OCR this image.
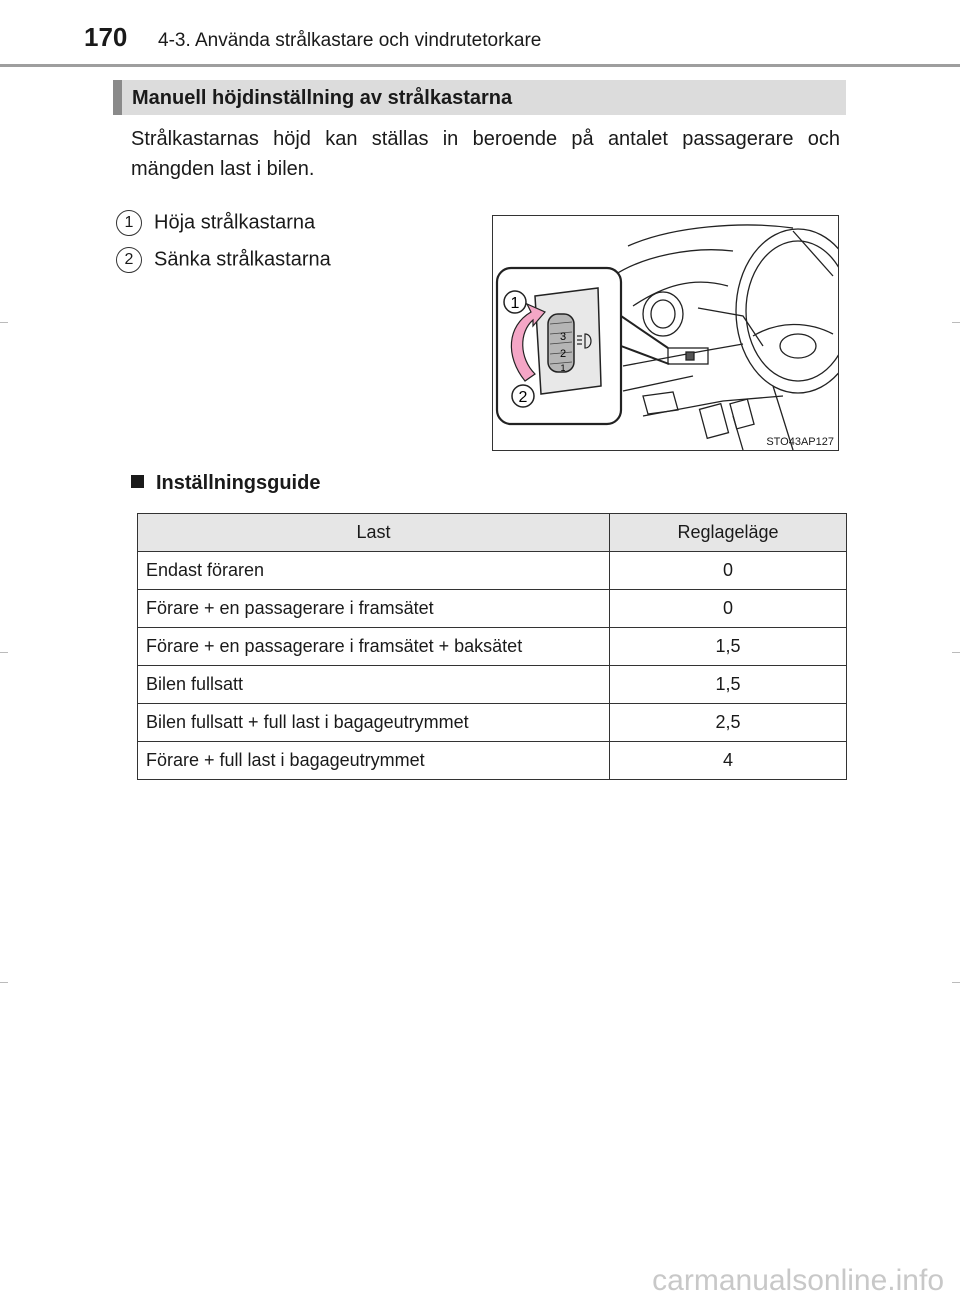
170 4-3. Använda strålkastare och vindrutetorkare
Manuell höjdinställning av strålkastarna
Strålkastarnas höjd kan ställas in beroende på antalet passagerare och mängden last i bilen.
1 Höja strålkastarna
2 Sänka strålkastarna
1
2
3
2
1
STO43AP127
Inställningsguide
Last	Reglageläge
Endast föraren	0
Förare + en passagerare i framsätet	0
Förare + en passagerare i framsätet + baksätet	1,5
Bilen fullsatt	1,5
Bilen fullsatt + full last i bagageutrymmet	2,5
Förare + full last i bagageutrymmet	4
carmanualsonline.info
